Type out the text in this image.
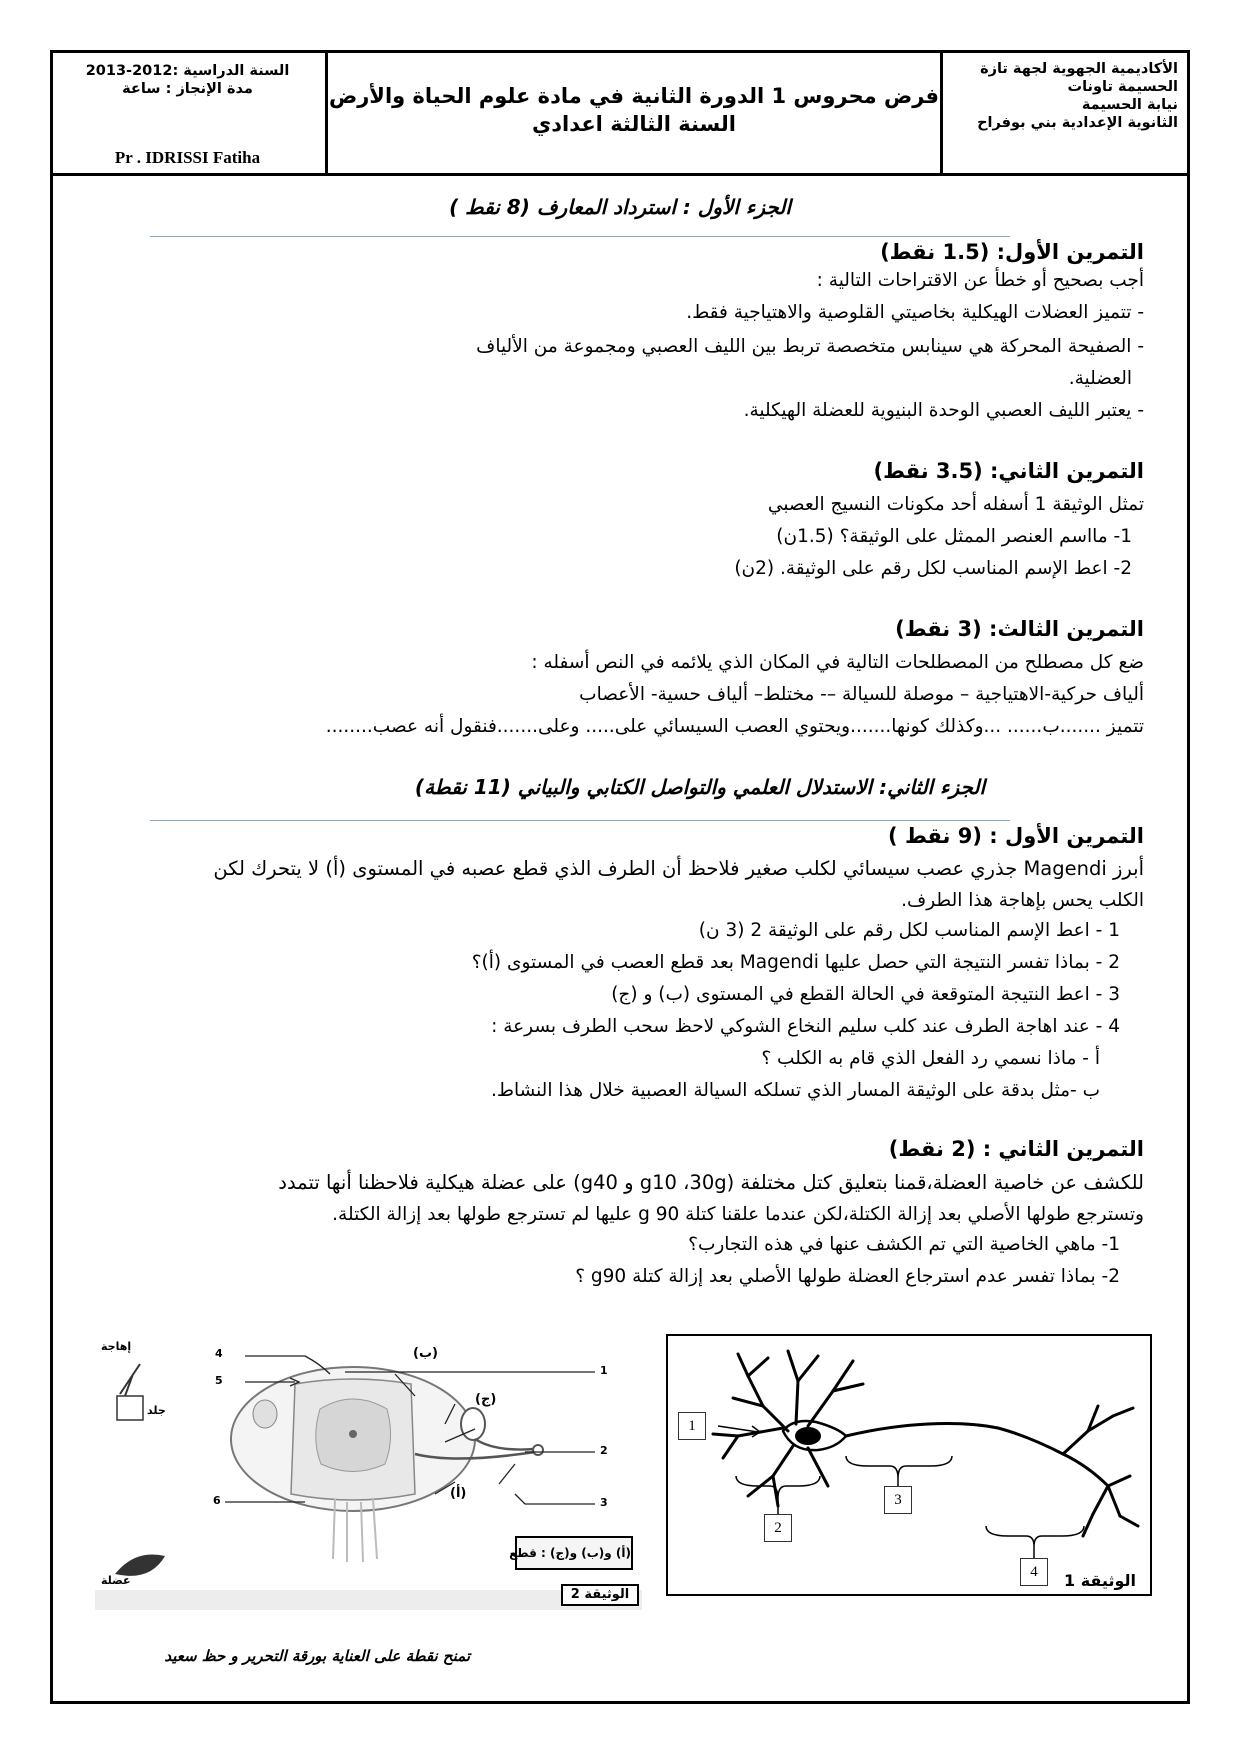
الأكاديمية الجهوية لجهة تازة
الحسيمة تاونات
نيابة الحسيمة
الثانوية الإعدادية بني بوفراح
فرض محروس 1 الدورة الثانية في مادة علوم الحياة والأرض
السنة الثالثة اعدادي
السنة الدراسية :2012-2013
مدة الإنجاز : ساعة
Pr . IDRISSI Fatiha
الجزء الأول : استرداد المعارف (8 نقط )
التمرين الأول: (1.5 نقط)
أجب بصحيح أو خطأ عن الاقتراحات التالية :
- تتميز العضلات الهيكلية بخاصيتي القلوصية والاهتياجية فقط.
- الصفيحة المحركة هي سينابس متخصصة تربط بين الليف العصبي ومجموعة من الألياف
العضلية.
- يعتبر الليف العصبي الوحدة البنيوية للعضلة الهيكلية.
التمرين الثاني: (3.5 نقط)
تمثل الوثيقة 1 أسفله أحد مكونات النسيج العصبي
1- مااسم العنصر الممثل على الوثيقة؟ (1.5ن)
2- اعط الإسم المناسب لكل رقم على الوثيقة. (2ن)
التمرين الثالث: (3 نقط)
ضع كل مصطلح من المصطلحات التالية في المكان الذي يلائمه في النص أسفله :
ألياف حركية-الاهتياجية – موصلة للسيالة –- مختلط– ألياف حسية- الأعصاب
تتميز .......ب...... ...وكذلك كونها.......ويحتوي العصب السيسائي على..... وعلى.......فنقول أنه عصب........
الجزء الثاني: الاستدلال العلمي والتواصل الكتابي والبياني (11 نقطة)
التمرين الأول : (9 نقط )
أبرز Magendi جذري عصب سيسائي لكلب صغير فلاحظ أن الطرف الذي قطع عصبه في المستوى (أ) لا يتحرك لكن
الكلب يحس بإهاجة هذا الطرف.
1 - اعط الإسم المناسب لكل رقم على الوثيقة 2 (3 ن)
2 - بماذا تفسر النتيجة التي حصل عليها Magendi بعد قطع العصب في المستوى (أ)؟
3 - اعط النتيجة المتوقعة في الحالة القطع في المستوى (ب) و (ج)
4 - عند اهاجة الطرف عند كلب سليم النخاع الشوكي لاحظ سحب الطرف بسرعة :
أ - ماذا نسمي رد الفعل الذي قام به الكلب ؟
ب -مثل بدقة على الوثيقة المسار الذي تسلكه السيالة العصبية خلال هذا النشاط.
التمرين الثاني : (2 نقط)
للكشف عن خاصية العضلة،قمنا بتعليق كتل مختلفة (g10 ،30g و g40) على عضلة هيكلية فلاحظنا أنها تتمدد
وتسترجع طولها الأصلي بعد إزالة الكتلة،لكن عندما علقنا كتلة 90 g عليها لم تسترجع طولها بعد إزالة الكتلة.
1- ماهي الخاصية التي تم الكشف عنها في هذه التجارب؟
2- بماذا تفسر عدم استرجاع العضلة طولها الأصلي بعد إزالة كتلة g90 ؟
1
2
3
4	الوثيقة 1
4
5
1
2
3
6
(ب)
(ج)
(أ)
إهاجة
جلد
عضلة
(أ) و(ب) و(ج) : قطع
الوثيقة 2
تمنح نقطة على العناية بورقة التحرير و حظ سعيد
